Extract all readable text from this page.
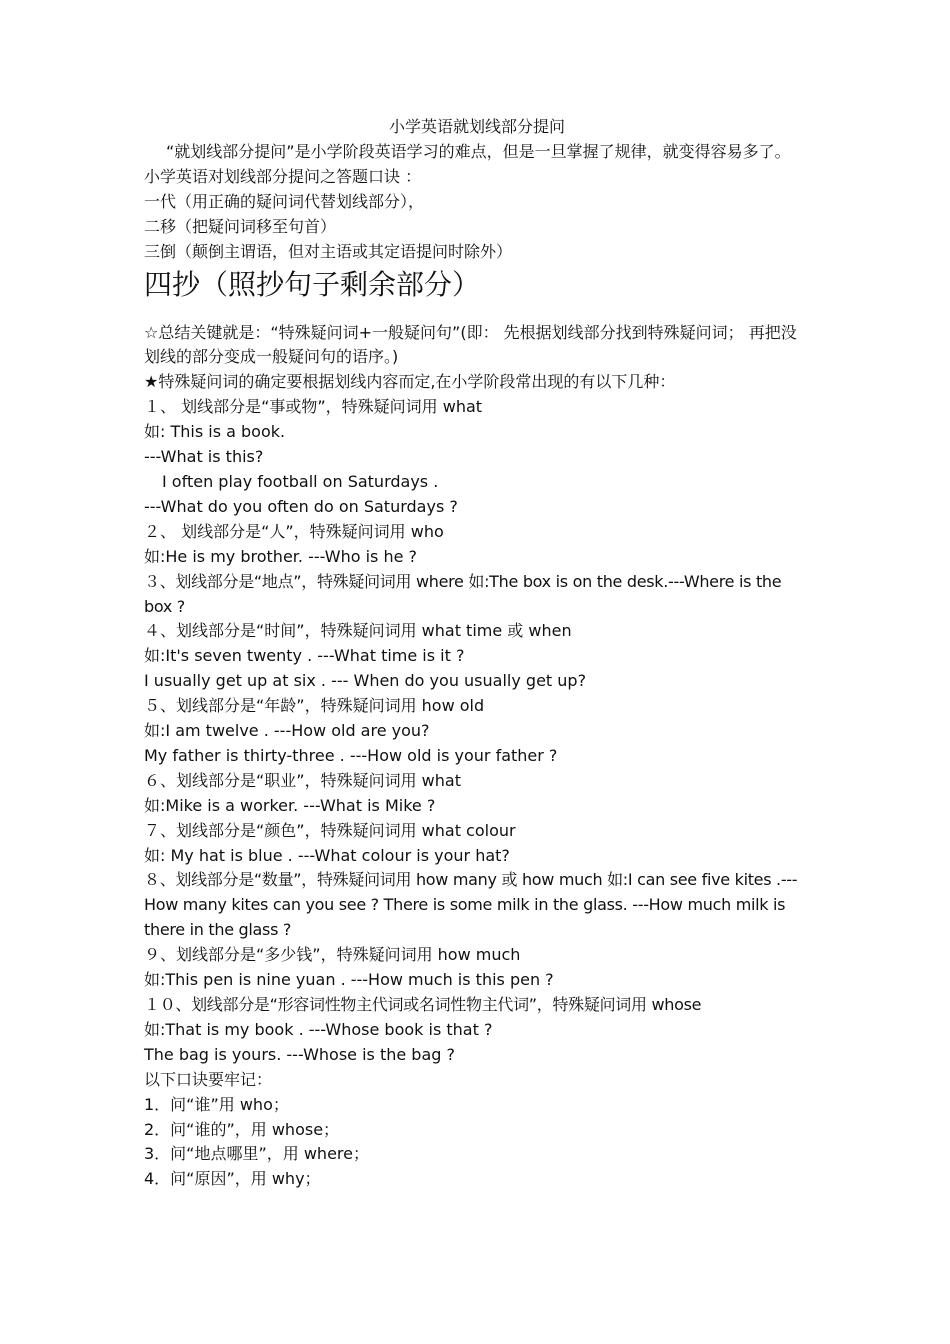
小学英语就划线部分提问

“就划线部分提问”是小学阶段英语学习的难点，但是一旦掌握了规律，就变得容易多了。

小学英语对划线部分提问之答题口诀 ：

一代（用正确的疑问词代替划线部分），

二移（把疑问词移至句首）

三倒（颠倒主谓语，但对主语或其定语提问时除外）

四抄（照抄句子剩余部分）

☆总结关键就是：“特殊疑问词+一般疑问句”(即： 先根据划线部分找到特殊疑问词； 再把没划线的部分变成一般疑问句的语序。)

★特殊疑问词的确定要根据划线内容而定,在小学阶段常出现的有以下几种：

１、 划线部分是“事或物”，特殊疑问词用 what

如: This is a book.

---What is this?

I often play football on Saturdays .

---What do you often do on Saturdays ?

２、 划线部分是“人”，特殊疑问词用 who

如:He is my brother. ---Who is he ?

３、划线部分是“地点”，特殊疑问词用 where 如:The box is on the desk.---Where is the box ?

４、划线部分是“时间”，特殊疑问词用 what time 或 when

如:It's seven twenty . ---What time is it ?

I usually get up at six . --- When do you usually get up?

５、划线部分是“年龄”，特殊疑问词用 how old

如:I am twelve . ---How old are you?

My father is thirty-three . ---How old is your father ?

６、划线部分是“职业”，特殊疑问词用 what

如:Mike is a worker. ---What is Mike ?

７、划线部分是“颜色”，特殊疑问词用 what colour

如: My hat is blue . ---What colour is your hat?

８、划线部分是“数量”，特殊疑问词用 how many 或 how much 如:I can see five kites .---How many kites can you see ? There is some milk in the glass. ---How much milk is there in the glass ?

９、划线部分是“多少钱”，特殊疑问词用 how much

如:This pen is nine yuan . ---How much is this pen ?

１０、划线部分是“形容词性物主代词或名词性物主代词”，特殊疑问词用 whose

如:That is my book . ---Whose book is that ?

The bag is yours. ---Whose is the bag ?

以下口诀要牢记：

1．问“谁”用 who；

2．问“谁的”，用 whose；

3．问“地点哪里”，用 where；

4．问“原因”，用 why；
